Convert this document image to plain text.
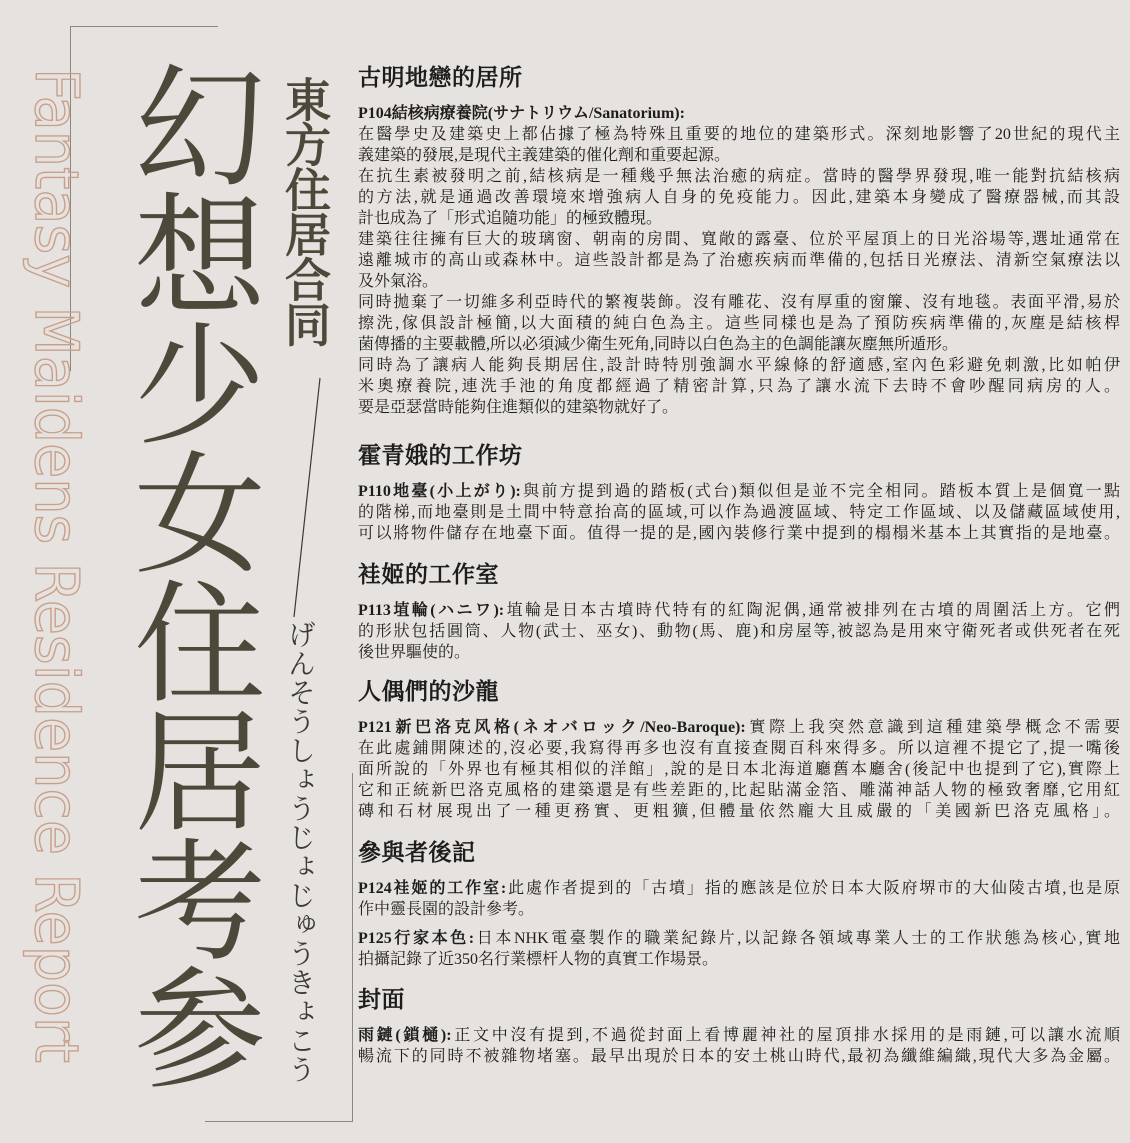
Fantasy Maidens Residence Report 幻想少女住居考
参
東方住居合同
げんそうしょうじょじゅうきょこう
古明地戀的居所
P104結核病療養院(サナトリウム/Sanatorium):
在醫學史及建築史上都佔據了極為特殊且重要的地位的建築形式。深刻地影響了20世紀的現代主
義建築的發展,是現代主義建築的催化劑和重要起源。
在抗生素被發明之前,結核病是一種幾乎無法治癒的病症。當時的醫學界發現,唯一能對抗結核病
的方法,就是通過改善環境來增強病人自身的免疫能力。因此,建築本身變成了醫療器械,而其設
計也成為了「形式追隨功能」的極致體現。
建築往往擁有巨大的玻璃窗、朝南的房間、寬敞的露臺、位於平屋頂上的日光浴場等,選址通常在
遠離城市的高山或森林中。這些設計都是為了治癒疾病而準備的,包括日光療法、清新空氣療法以
及外氣浴。
同時拋棄了一切維多利亞時代的繁複裝飾。沒有雕花、沒有厚重的窗簾、沒有地毯。表面平滑,易於
擦洗,傢俱設計極簡,以大面積的純白色為主。這些同樣也是為了預防疾病準備的,灰塵是結核桿
菌傳播的主要載體,所以必須減少衛生死角,同時以白色為主的色調能讓灰塵無所遁形。
同時為了讓病人能夠長期居住,設計時特別強調水平線條的舒適感,室內色彩避免刺激,比如帕伊
米奧療養院,連洗手池的角度都經過了精密計算,只為了讓水流下去時不會吵醒同病房的人。
要是亞瑟當時能夠住進類似的建築物就好了。
霍青娥的工作坊
P110地臺(小上がり):與前方提到過的踏板(式台)類似但是並不完全相同。踏板本質上是個寬一點
的階梯,而地臺則是土間中特意抬高的區域,可以作為過渡區域、特定工作區域、以及儲藏區域使用,
可以將物件儲存在地臺下面。值得一提的是,國內裝修行業中提到的榻榻米基本上其實指的是地臺。
袿姬的工作室
P113埴輪(ハニワ):埴輪是日本古墳時代特有的紅陶泥偶,通常被排列在古墳的周圍活上方。它們
的形狀包括圓筒、人物(武士、巫女)、動物(馬、鹿)和房屋等,被認為是用來守衛死者或供死者在死
後世界驅使的。
人偶們的沙龍
P121新巴洛克风格(ネオバロック/Neo-Baroque):實際上我突然意識到這種建築學概念不需要
在此處鋪開陳述的,沒必要,我寫得再多也沒有直接查閱百科來得多。所以這裡不提它了,提一嘴後
面所說的「外界也有極其相似的洋館」,說的是日本北海道廳舊本廳舍(後記中也提到了它),實際上
它和正統新巴洛克風格的建築還是有些差距的,比起貼滿金箔、雕滿神話人物的極致奢靡,它用紅
磚和石材展現出了一種更務實、更粗獷,但體量依然龐大且威嚴的「美國新巴洛克風格」。
參與者後記
P124袿姬的工作室:此處作者提到的「古墳」指的應該是位於日本大阪府堺市的大仙陵古墳,也是原
作中靈長園的設計參考。
P125行家本色:日本NHK電臺製作的職業紀錄片,以記錄各領域專業人士的工作狀態為核心,實地
拍攝記錄了近350名行業標杆人物的真實工作場景。
封面
雨鏈(鎖樋):正文中沒有提到,不過從封面上看博麗神社的屋頂排水採用的是雨鏈,可以讓水流順
暢流下的同時不被雜物堵塞。最早出現於日本的安土桃山時代,最初為纖維編織,現代大多為金屬。
